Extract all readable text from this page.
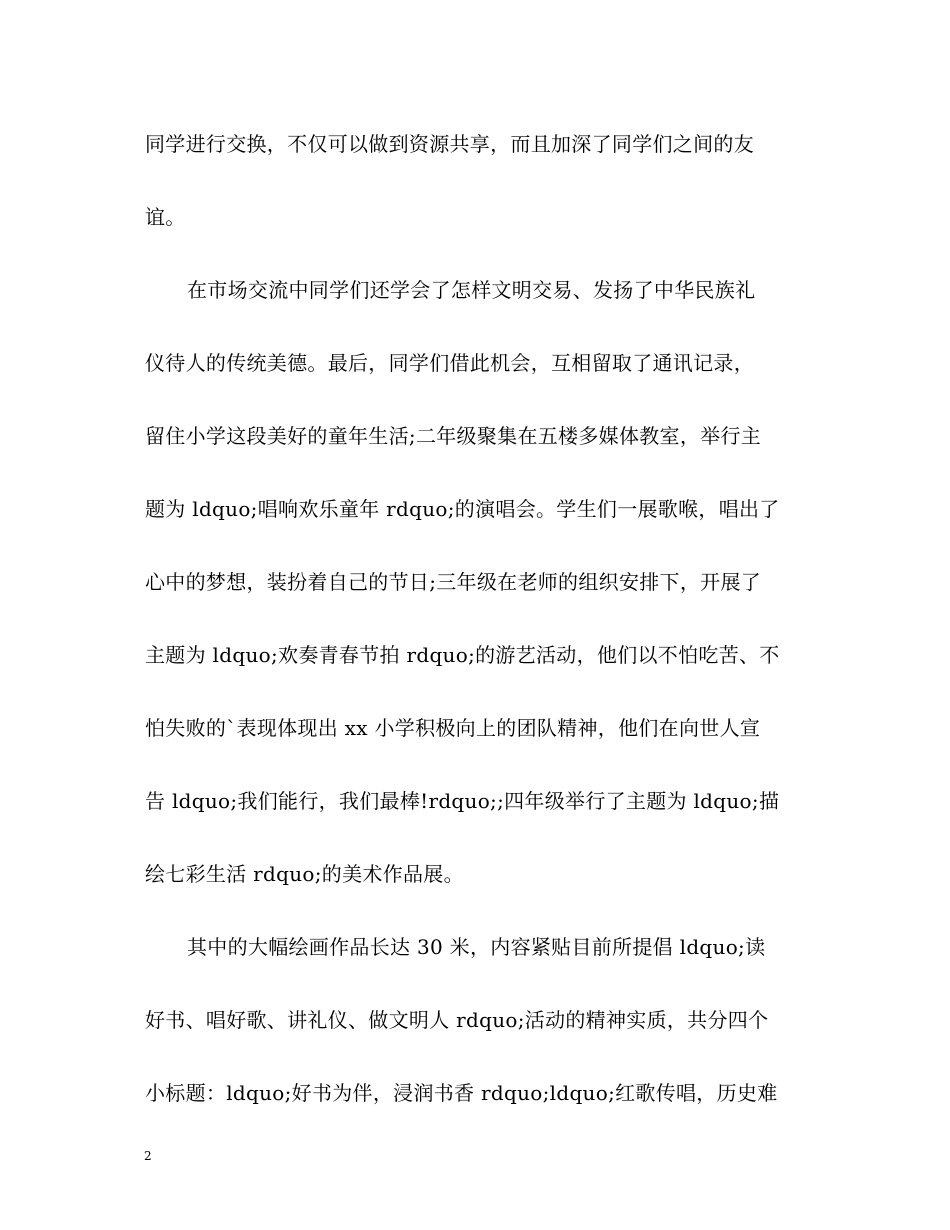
同学进行交换，不仅可以做到资源共享，而且加深了同学们之间的友
谊。
在市场交流中同学们还学会了怎样文明交易、发扬了中华民族礼
仪待人的传统美德。最后，同学们借此机会，互相留取了通讯记录，
留住小学这段美好的童年生活;二年级聚集在五楼多媒体教室，举行主
题为 ldquo;唱响欢乐童年 rdquo;的演唱会。学生们一展歌喉，唱出了
心中的梦想，装扮着自己的节日;三年级在老师的组织安排下，开展了
主题为 ldquo;欢奏青春节拍 rdquo;的游艺活动，他们以不怕吃苦、不
怕失败的`表现体现出 xx 小学积极向上的团队精神，他们在向世人宣
告 ldquo;我们能行，我们最棒!rdquo;;四年级举行了主题为 ldquo;描
绘七彩生活 rdquo;的美术作品展。
其中的大幅绘画作品长达 30 米，内容紧贴目前所提倡 ldquo;读
好书、唱好歌、讲礼仪、做文明人 rdquo;活动的精神实质，共分四个
小标题：ldquo;好书为伴，浸润书香 rdquo;ldquo;红歌传唱，历史难
2
